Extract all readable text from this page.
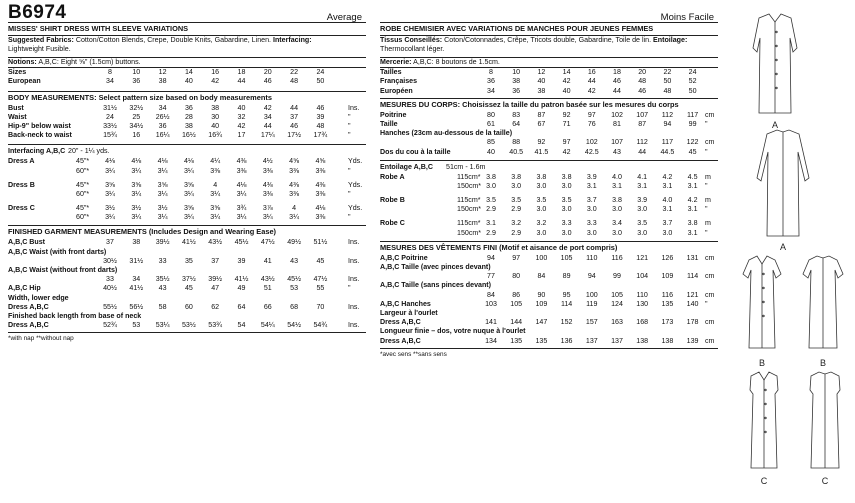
B6974	Average
MISSES' SHIRT DRESS WITH SLEEVE VARIATIONS
Suggested Fabrics: Cotton/Cotton Blends, Crepe, Double Knits, Gabardine, Linen. Interfacing:
Lightweight Fusible.
Notions: A,B,C: Eight ⅝" (1.5cm) buttons.
Sizes	8	10	12	14	16	18	20	22	24
European	34	36	38	40	42	44	46	48	50
BODY MEASUREMENTS: Select pattern size based on body measurements
Bust	31½	32½	34	36	38	40	42	44	46	Ins.
Waist	24	25	26½	28	30	32	34	37	39	"
Hip-9" below waist	33½	34½	36	38	40	42	44	46	48	"
Back-neck to waist	15¾	16	16¼	16½	16¾	17	17¼	17½	17¾	"
Interfacing A,B,C 20" - 1¼ yds.
Dress A	45"*	4⅛	4⅛	4⅛	4⅛	4¼	4⅜	4½	4⅝	4⅝	Yds.
60"*	3¼	3¼	3¼	3¼	3⅜	3⅜	3⅜	3⅜	3⅜	"
Dress B	45"*	3⅝	3⅝	3⅝	3⅝	4	4⅛	4⅜	4⅜	4⅜	Yds.
60"*	3¼	3¼	3¼	3¼	3¼	3¼	3⅜	3⅜	3⅜	"
Dress C	45"*	3½	3½	3½	3⅝	3⅝	3¾	3⅞	4	4⅛	Yds.
60"*	3¼	3¼	3¼	3¼	3¼	3¼	3¼	3¼	3⅜	"
FINISHED GARMENT MEASUREMENTS (Includes Design and Wearing Ease)
A,B,C Bust	37	38	39½	41½	43½	45½	47½	49½	51½	Ins.
A,B,C Waist (with front darts)
30½	31½	33	35	37	39	41	43	45	Ins.
A,B,C Waist (without front darts)
33	34	35½	37½	39½	41½	43½	45½	47½	Ins.
A,B,C Hip	40½	41½	43	45	47	49	51	53	55	"
Width, lower edge
Dress A,B,C	55½	56½	58	60	62	64	66	68	70	Ins.
Finished back length from base of neck
Dress A,B,C	52¾	53	53¼	53½	53¾	54	54¼	54½	54¾	Ins.
*with nap **without nap
Moins Facile
ROBE CHEMISIER AVEC VARIATIONS DE MANCHES POUR JEUNES FEMMES
Tissus Conseillés: Coton/Cotonnades, Crêpe, Tricots double, Gabardine, Toile de lin. Entoilage:
Thermocollant léger.
Mercerie: A,B,C: 8 boutons de 1.5cm.
Tailles	8	10	12	14	16	18	20	22	24
Françaises	36	38	40	42	44	46	48	50	52
Européen	34	36	38	40	42	44	46	48	50
MESURES DU CORPS: Choisissez la taille du patron basée sur les mesures du corps
Poitrine	80	83	87	92	97	102	107	112	117 cm
Taille	61	64	67	71	76	81	87	94	99	"
Hanches (23cm au-dessous de la taille)
85	88	92	97	102	107	112	117	122 cm
Dos du cou à la taille	40	40.5	41.5	42	42.5	43	44	44.5	45	"
Entoilage A,B,C 51cm - 1.6m
Robe A	115cm* 3.8	3.8	3.8	3.8	3.9	4.0	4.1	4.2	4.5	m
150cm* 3.0	3.0	3.0	3.0	3.1	3.1	3.1	3.1	3.1	"
Robe B	115cm* 3.5	3.5	3.5	3.5	3.7	3.8	3.9	4.0	4.2	m
150cm* 2.9	2.9	3.0	3.0	3.0	3.0	3.0	3.1	3.1	"
Robe C	115cm* 3.1	3.2	3.2	3.3	3.3	3.4	3.5	3.7	3.8	m
150cm* 2.9	2.9	3.0	3.0	3.0	3.0	3.0	3.0	3.1	"
MESURES DES VÊTEMENTS FINI (Motif et aisance de port compris)
A,B,C Poitrine	94	97	100	105	110	116	121	126	131 cm
A,B,C Taille (avec pinces devant)
77	80	84	89	94	99	104	109	114 cm
A,B,C Taille (sans pinces devant)
84	86	90	95	100	105	110	116	121 cm
A,B,C Hanches	103	105	109	114	119	124	130	135	140 "
Largeur à l'ourlet
Dress A,B,C	141	144	147	152	157	163	168	173	178 cm
Longueur finie – dos, votre nuque à l'ourlet
Dress A,B,C	134	135	135	136	137	137	138	138	139 cm
*avec sens **sans sens
A
A
B	B
C	C
